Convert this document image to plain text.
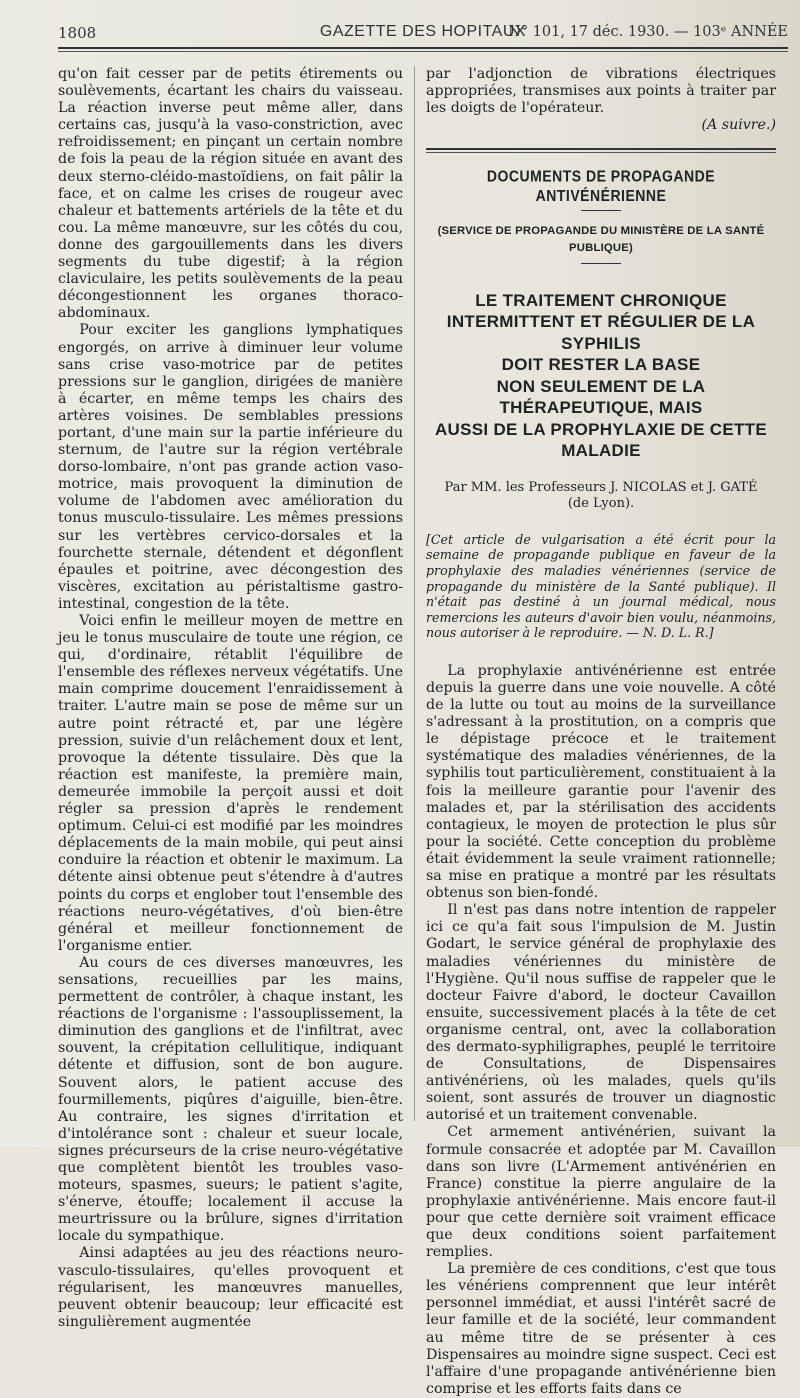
1808	GAZETTE DES HOPITAUX
N° 101, 17 déc. 1930. — 103ᵉ ANNÉE

qu'on fait cesser par de petits étirements ou soulèvements, écartant les chairs du vaisseau. La réaction inverse peut même aller, dans certains cas, jusqu'à la vaso-constriction, avec refroidissement; en pinçant un certain nombre de fois la peau de la région située en avant des deux sterno-cléido-mastoïdiens, on fait pâlir la face, et on calme les crises de rougeur avec chaleur et battements artériels de la tête et du cou. La même manœuvre, sur les côtés du cou, donne des gargouillements dans les divers segments du tube digestif; à la région claviculaire, les petits soulèvements de la peau décongestionnent les organes thoraco-abdominaux.

Pour exciter les ganglions lymphatiques engorgés, on arrive à diminuer leur volume sans crise vaso-motrice par de petites pressions sur le ganglion, dirigées de manière à écarter, en même temps les chairs des artères voisines. De semblables pressions portant, d'une main sur la partie inférieure du sternum, de l'autre sur la région vertébrale dorso-lombaire, n'ont pas grande action vaso-motrice, mais provoquent la diminution de volume de l'abdomen avec amélioration du tonus musculo-tissulaire. Les mêmes pressions sur les vertèbres cervico-dorsales et la fourchette sternale, détendent et dégonflent épaules et poitrine, avec décongestion des viscères, excitation au péristaltisme gastro-intestinal, congestion de la tête.

Voici enfin le meilleur moyen de mettre en jeu le tonus musculaire de toute une région, ce qui, d'ordinaire, rétablit l'équilibre de l'ensemble des réflexes nerveux végétatifs. Une main comprime doucement l'enraidissement à traiter. L'autre main se pose de même sur un autre point rétracté et, par une légère pression, suivie d'un relâchement doux et lent, provoque la détente tissulaire. Dès que la réaction est manifeste, la première main, demeurée immobile la perçoit aussi et doit régler sa pression d'après le rendement optimum. Celui-ci est modifié par les moindres déplacements de la main mobile, qui peut ainsi conduire la réaction et obtenir le maximum. La détente ainsi obtenue peut s'étendre à d'autres points du corps et englober tout l'ensemble des réactions neuro-végétatives, d'où bien-être général et meilleur fonctionnement de l'organisme entier.

Au cours de ces diverses manœuvres, les sensations, recueillies par les mains, permettent de contrôler, à chaque instant, les réactions de l'organisme : l'assouplissement, la diminution des ganglions et de l'infiltrat, avec souvent, la crépitation cellulitique, indiquant détente et diffusion, sont de bon augure. Souvent alors, le patient accuse des fourmillements, piqûres d'aiguille, bien-être. Au contraire, les signes d'irritation et d'intolérance sont : chaleur et sueur locale, signes précurseurs de la crise neuro-végétative que complètent bientôt les troubles vaso-moteurs, spasmes, sueurs; le patient s'agite, s'énerve, étouffe; localement il accuse la meurtrissure ou la brûlure, signes d'irritation locale du sympathique.

Ainsi adaptées au jeu des réactions neuro-vasculo-tissulaires, qu'elles provoquent et régularisent, les manœuvres manuelles, peuvent obtenir beaucoup; leur efficacité est singulièrement augmentée

par l'adjonction de vibrations électriques appropriées, transmises aux points à traiter par les doigts de l'opérateur.

(A suivre.)
DOCUMENTS DE PROPAGANDE ANTIVÉNÉRIENNE
(SERVICE DE PROPAGANDE DU MINISTÈRE DE LA SANTÉ PUBLIQUE)
LE TRAITEMENT CHRONIQUE
INTERMITTENT ET RÉGULIER DE LA SYPHILIS
DOIT RESTER LA BASE
NON SEULEMENT DE LA THÉRAPEUTIQUE, MAIS
AUSSI DE LA PROPHYLAXIE DE CETTE MALADIE
Par MM. les Professeurs J. NICOLAS et J. GATÉ
(de Lyon).
[Cet article de vulgarisation a été écrit pour la semaine de propagande publique en faveur de la prophylaxie des maladies vénériennes (service de propagande du ministère de la Santé publique). Il n'était pas destiné à un journal médical, nous remercions les auteurs d'avoir bien voulu, néanmoins, nous autoriser à le reproduire. — N. D. L. R.]

La prophylaxie antivénérienne est entrée depuis la guerre dans une voie nouvelle. A côté de la lutte ou tout au moins de la surveillance s'adressant à la prostitution, on a compris que le dépistage précoce et le traitement systématique des maladies vénériennes, de la syphilis tout particulièrement, constituaient à la fois la meilleure garantie pour l'avenir des malades et, par la stérilisation des accidents contagieux, le moyen de protection le plus sûr pour la société. Cette conception du problème était évidemment la seule vraiment rationnelle; sa mise en pratique a montré par les résultats obtenus son bien-fondé.

Il n'est pas dans notre intention de rappeler ici ce qu'a fait sous l'impulsion de M. Justin Godart, le service général de prophylaxie des maladies vénériennes du ministère de l'Hygiène. Qu'il nous suffise de rappeler que le docteur Faivre d'abord, le docteur Cavaillon ensuite, successivement placés à la tête de cet organisme central, ont, avec la collaboration des dermato-syphiligraphes, peuplé le territoire de Consultations, de Dispensaires antivénériens, où les malades, quels qu'ils soient, sont assurés de trouver un diagnostic autorisé et un traitement convenable.

Cet armement antivénérien, suivant la formule consacrée et adoptée par M. Cavaillon dans son livre (L'Armement antivénérien en France) constitue la pierre angulaire de la prophylaxie antivénérienne. Mais encore faut-il pour que cette dernière soit vraiment efficace que deux conditions soient parfaitement remplies.

La première de ces conditions, c'est que tous les vénériens comprennent que leur intérêt personnel immédiat, et aussi l'intérêt sacré de leur famille et de la société, leur commandent au même titre de se présenter à ces Dispensaires au moindre signe suspect. Ceci est l'affaire d'une propagande antivénérienne bien comprise et les efforts faits dans ce
